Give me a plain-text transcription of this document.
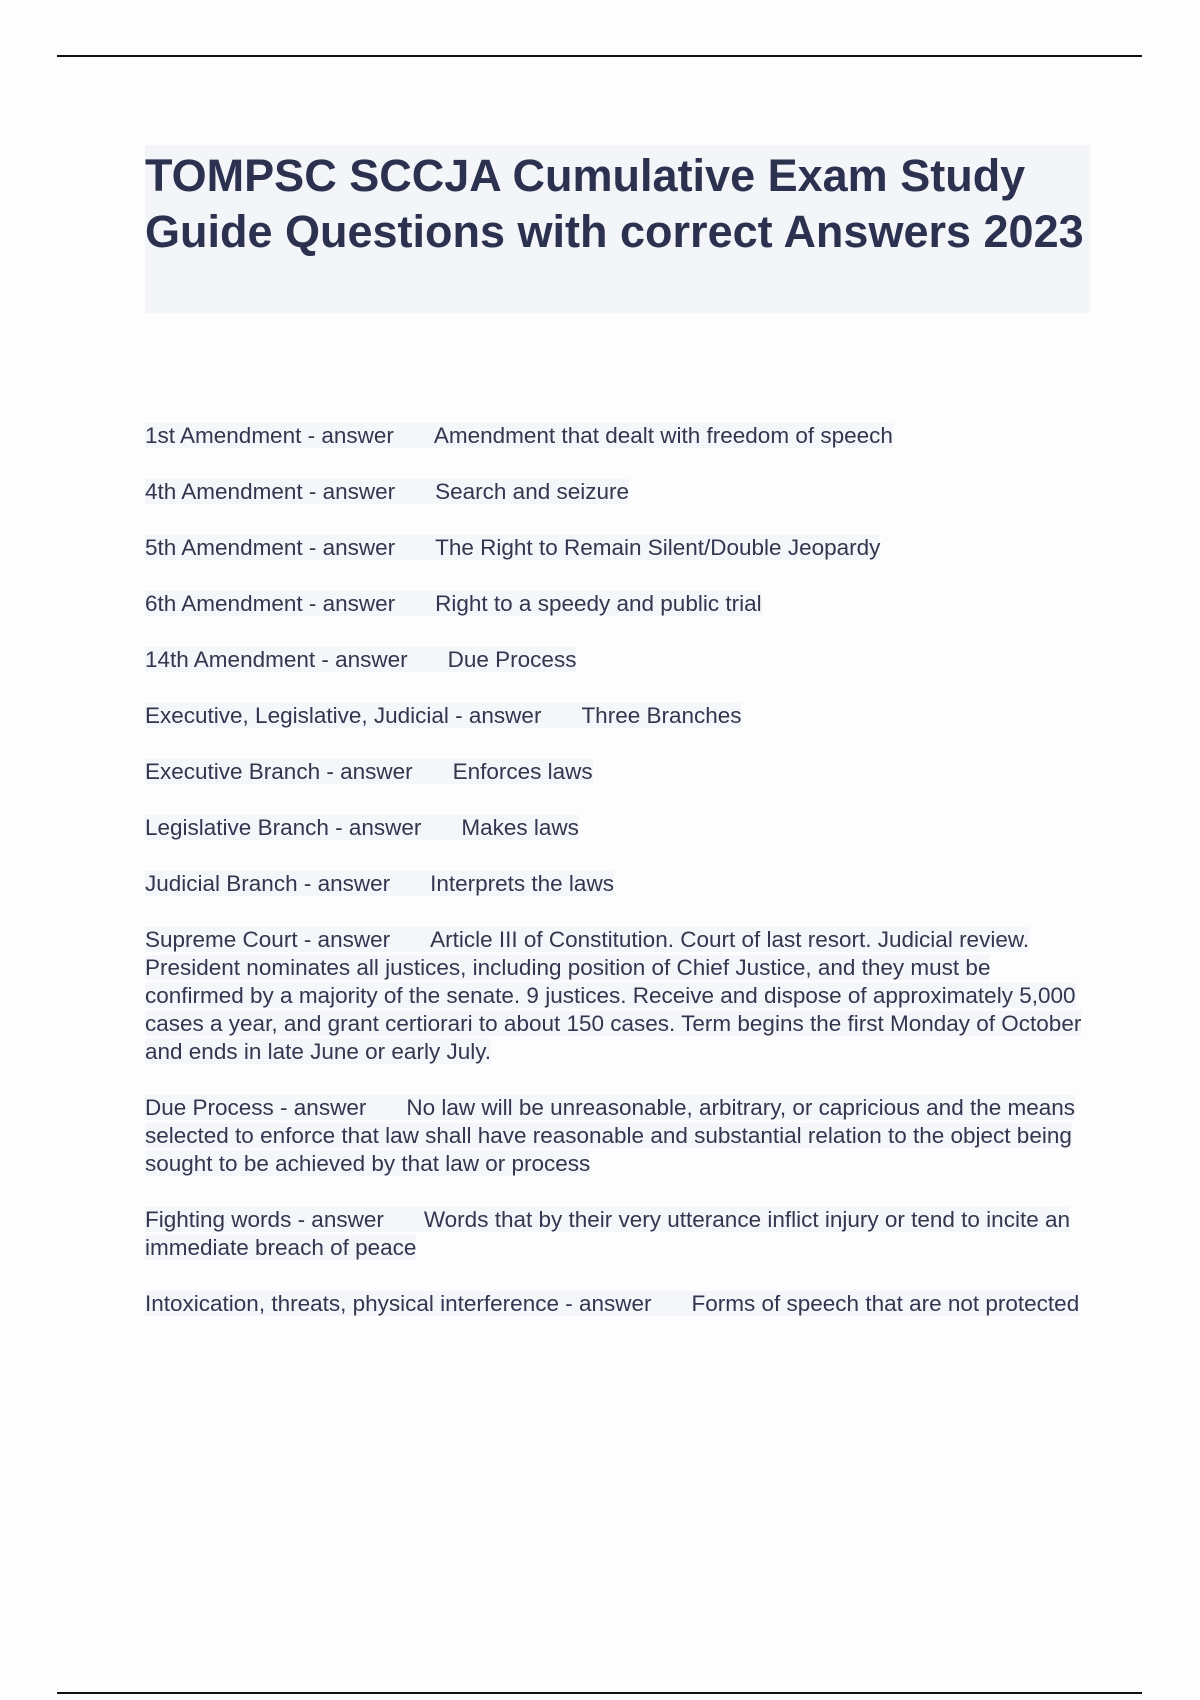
TOMPSC SCCJA Cumulative Exam Study Guide Questions with correct Answers 2023

1st Amendment - answer Amendment that dealt with freedom of speech

4th Amendment - answer Search and seizure

5th Amendment - answer The Right to Remain Silent/Double Jeopardy

6th Amendment - answer Right to a speedy and public trial

14th Amendment - answer Due Process

Executive, Legislative, Judicial - answer Three Branches

Executive Branch - answer Enforces laws

Legislative Branch - answer Makes laws

Judicial Branch - answer Interprets the laws

Supreme Court - answer Article III of Constitution. Court of last resort. Judicial review. President nominates all justices, including position of Chief Justice, and they must be confirmed by a majority of the senate. 9 justices. Receive and dispose of approximately 5,000 cases a year, and grant certiorari to about 150 cases. Term begins the first Monday of October and ends in late June or early July.

Due Process - answer No law will be unreasonable, arbitrary, or capricious and the means selected to enforce that law shall have reasonable and substantial relation to the object being sought to be achieved by that law or process

Fighting words - answer Words that by their very utterance inflict injury or tend to incite an immediate breach of peace

Intoxication, threats, physical interference - answer Forms of speech that are not protected
